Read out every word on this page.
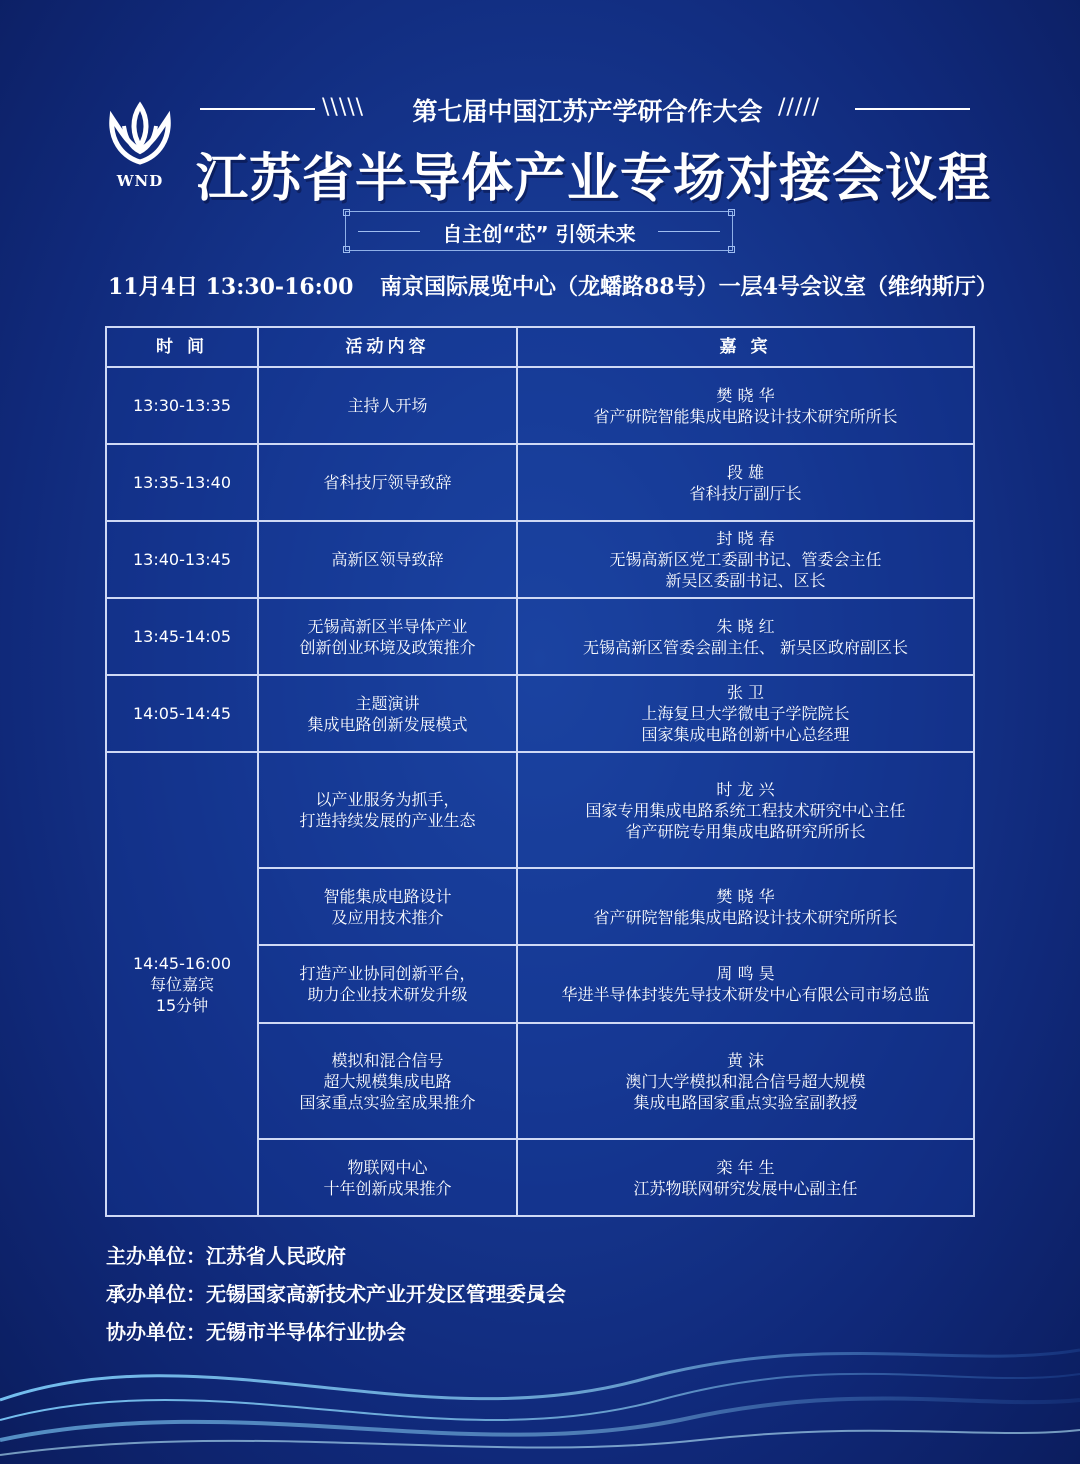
WND
\\\\\ 第七届中国江苏产学研合作大会 /////
江苏省半导体产业专场对接会议程
自主创“芯” 引领未来
11月4日 13:30-16:00 南京国际展览中心（龙蟠路88号）一层4号会议室（维纳斯厅）
时 间	活动内容	嘉 宾
13:30-13:35	主持人开场	樊 晓 华
省产研院智能集成电路设计技术研究所所长

13:35-13:40	省科技厅领导致辞	段 雄
省科技厅副厅长

13:40-13:45	高新区领导致辞	封 晓 春
无锡高新区党工委副书记、管委会主任
新吴区委副书记、区长

13:45-14:05	无锡高新区半导体产业
创新创业环境及政策推介	朱 晓 红
无锡高新区管委会副主任、 新吴区政府副区长

14:05-14:45	主题演讲
集成电路创新发展模式	张 卫
上海复旦大学微电子学院院长
国家集成电路创新中心总经理

14:45-16:00
每位嘉宾
15分钟	以产业服务为抓手，
打造持续发展的产业生态	时 龙 兴
国家专用集成电路系统工程技术研究中心主任
省产研院专用集成电路研究所所长

	智能集成电路设计
及应用技术推介	樊 晓 华
省产研院智能集成电路设计技术研究所所长

	打造产业协同创新平台，
助力企业技术研发升级	周 鸣 昊
华进半导体封装先导技术研发中心有限公司市场总监

	模拟和混合信号
超大规模集成电路
国家重点实验室成果推介	黄 沫
澳门大学模拟和混合信号超大规模
集成电路国家重点实验室副教授

	物联网中心
十年创新成果推介	栾 年 生
江苏物联网研究发展中心副主任
主办单位：江苏省人民政府
承办单位：无锡国家高新技术产业开发区管理委员会
协办单位：无锡市半导体行业协会
